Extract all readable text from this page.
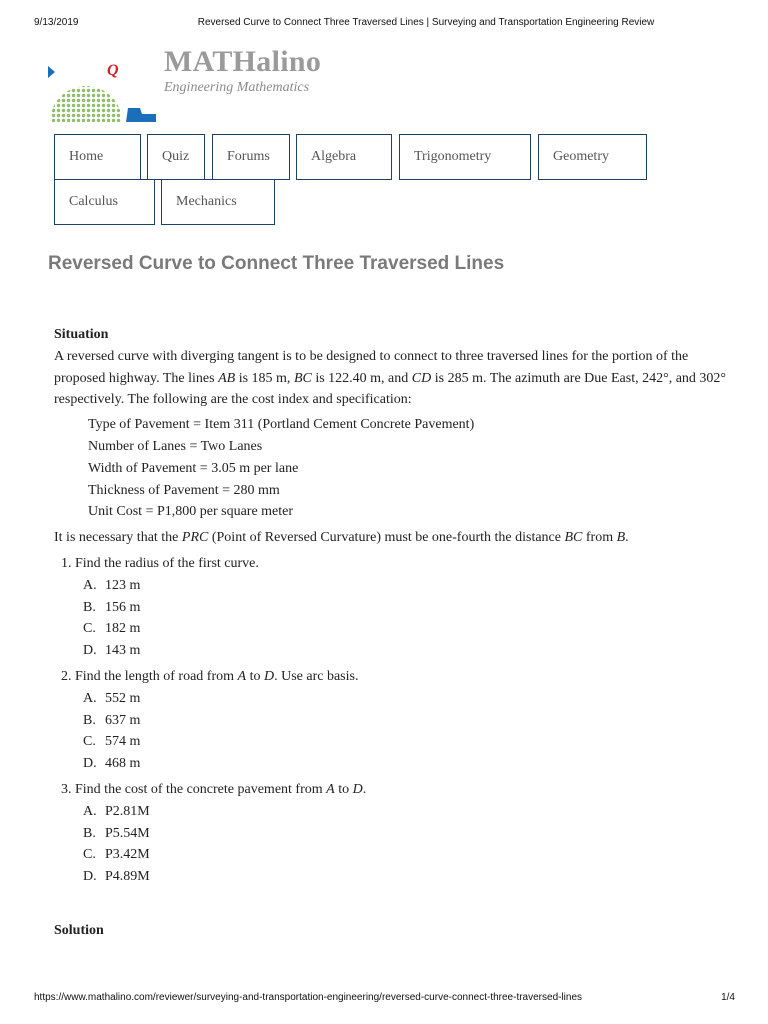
9/13/2019	Reversed Curve to Connect Three Traversed Lines | Surveying and Transportation Engineering Review
Q MATHalino
Engineering Mathematics
Home	Quiz	Forums	Algebra	Trigonometry	Geometry
Calculus	Mechanics
Reversed Curve to Connect Three Traversed Lines

Situation

A reversed curve with diverging tangent is to be designed to connect to three traversed lines for the portion of the proposed highway. The lines AB is 185 m, BC is 122.40 m, and CD is 285 m. The azimuth are Due East, 242°, and 302° respectively. The following are the cost index and specification:

Type of Pavement = Item 311 (Portland Cement Concrete Pavement)
Number of Lanes = Two Lanes
Width of Pavement = 3.05 m per lane
Thickness of Pavement = 280 mm
Unit Cost = P1,800 per square meter

It is necessary that the PRC (Point of Reversed Curvature) must be one-fourth the distance BC from B.

1. Find the radius of the first curve.
A. 123 m
B. 156 m
C. 182 m
D. 143 m
2. Find the length of road from A to D. Use arc basis.
A. 552 m
B. 637 m
C. 574 m
D. 468 m
3. Find the cost of the concrete pavement from A to D.
A. P2.81M
B. P5.54M
C. P3.42M
D. P4.89M
Solution
https://www.mathalino.com/reviewer/surveying-and-transportation-engineering/reversed-curve-connect-three-traversed-lines	1/4
